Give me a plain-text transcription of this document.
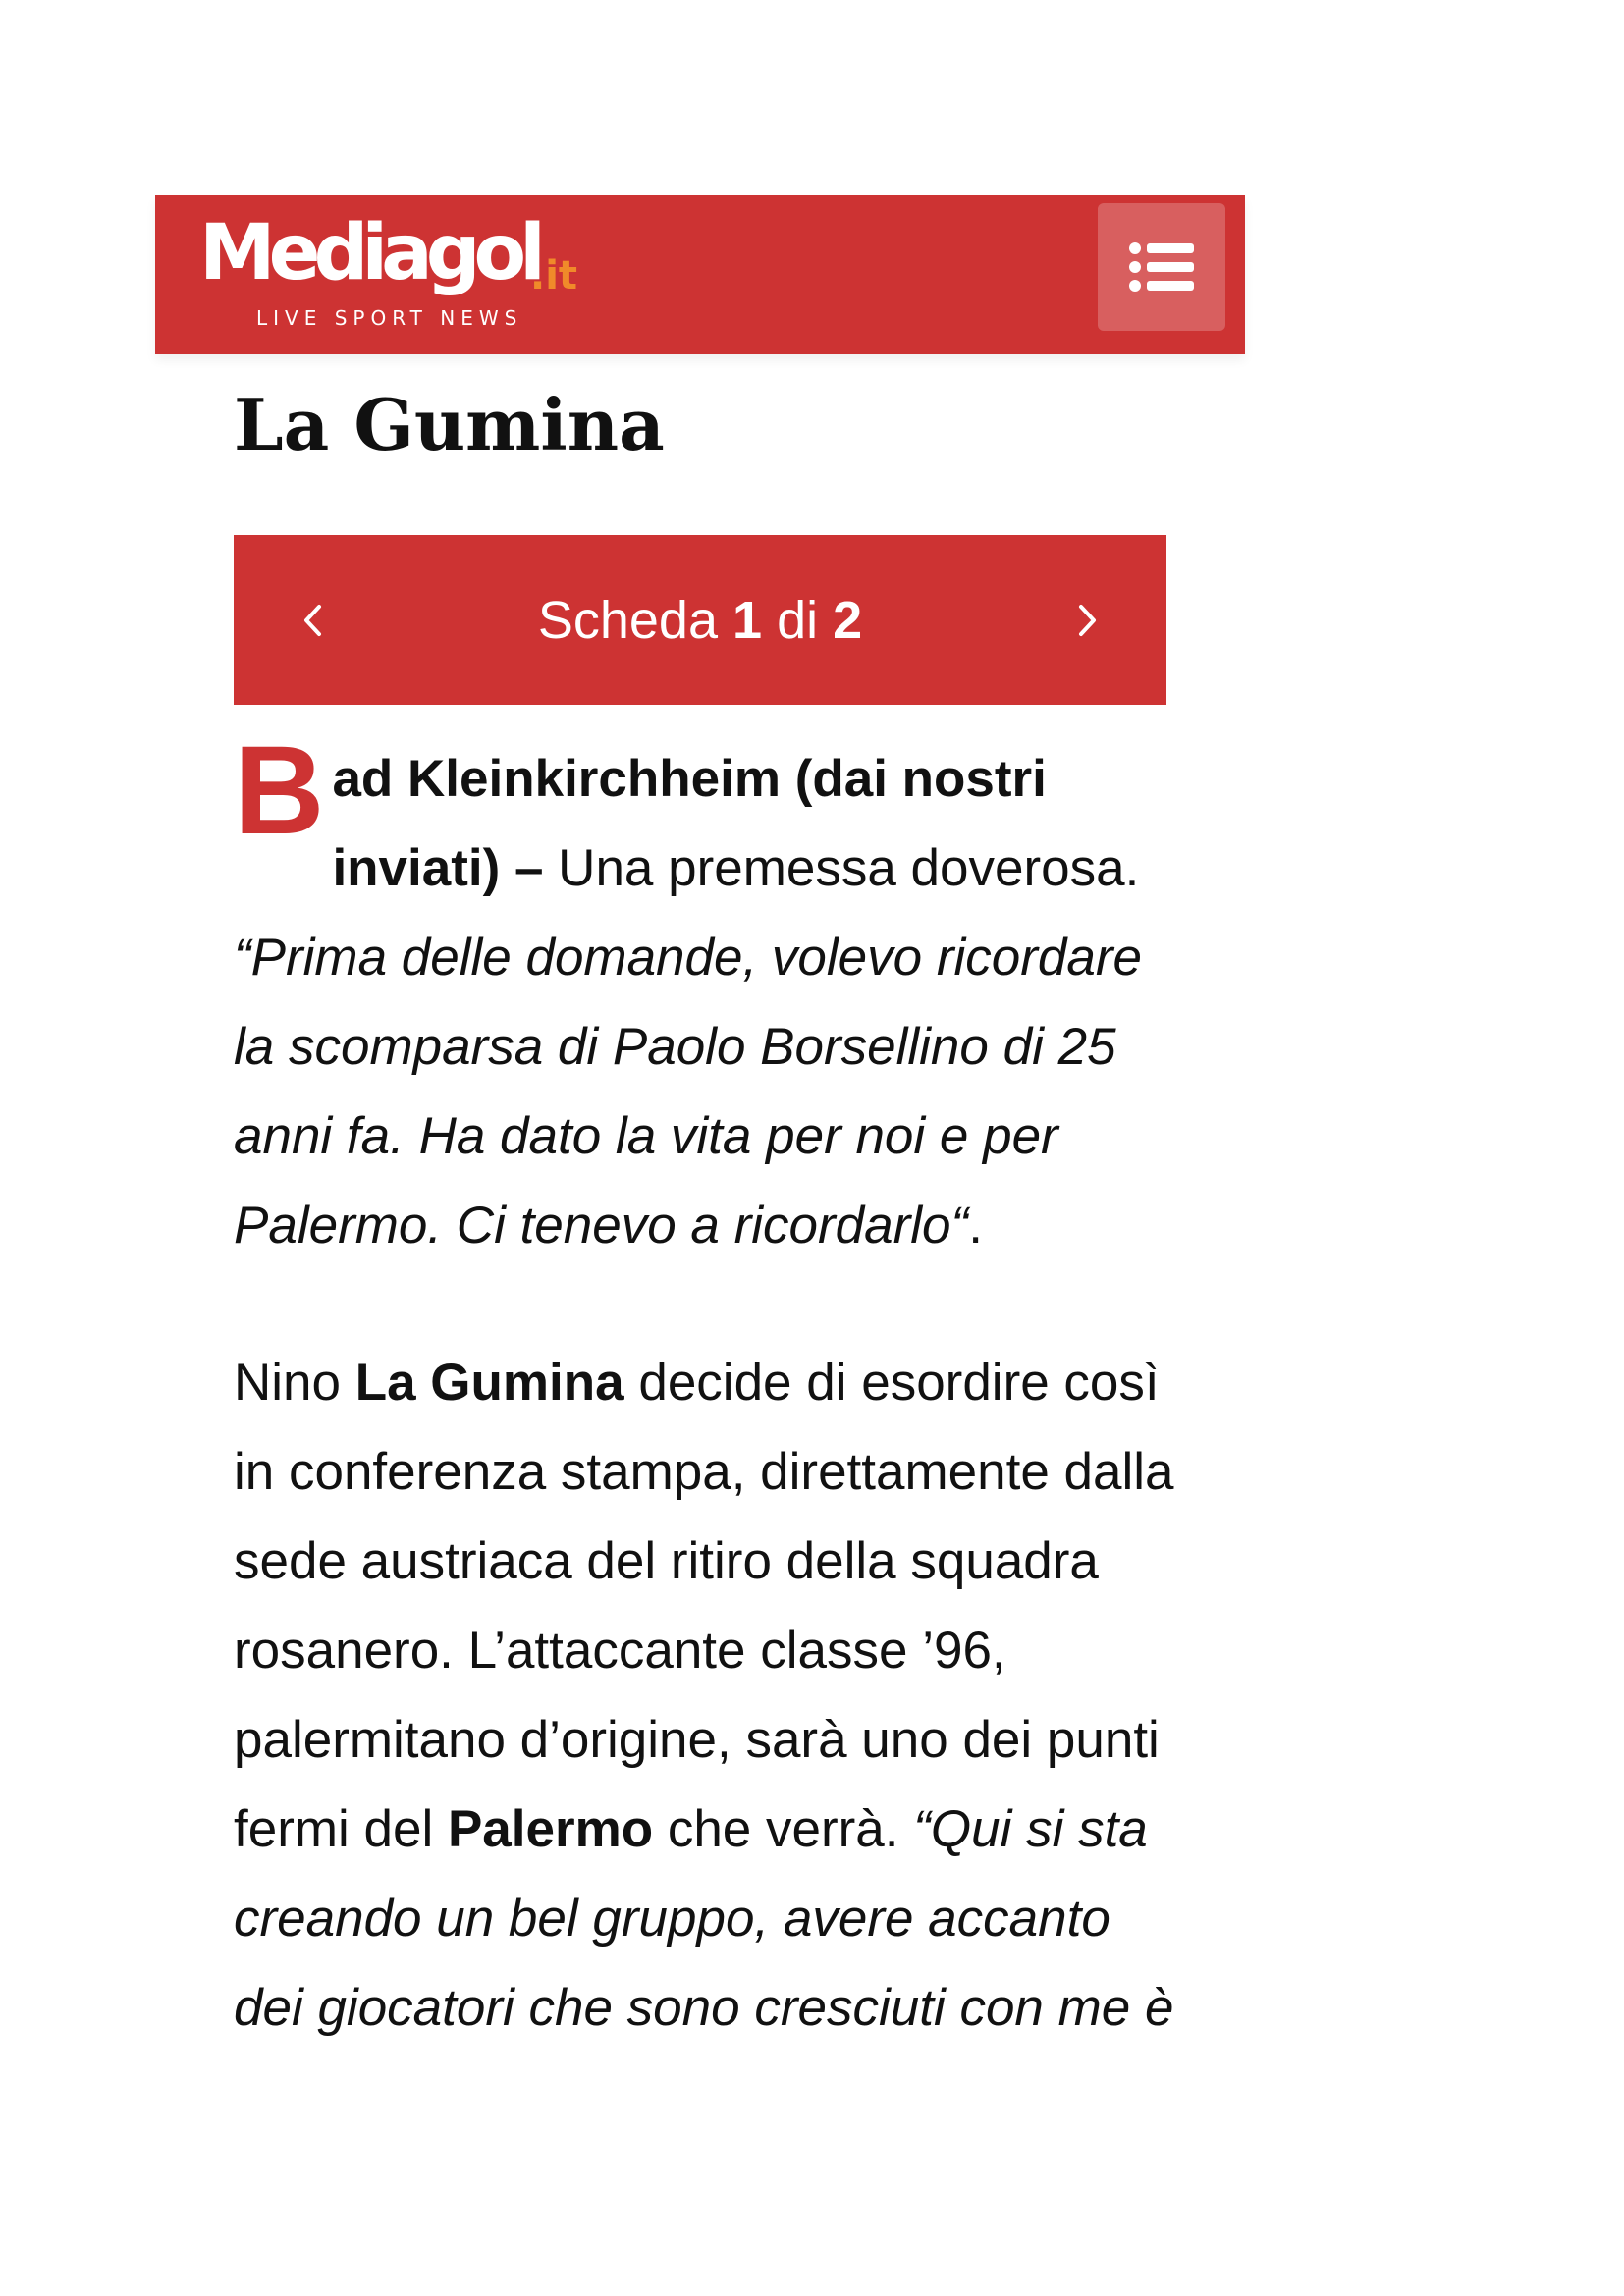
Mediagol
.it
LIVE SPORT NEWS
La Gumina
Scheda
1
di
2

Bad Kleinkirchheim (dai nostri inviati) – Una premessa doverosa. “Prima delle domande, volevo ricordare la scomparsa di Paolo Borsellino di 25 anni fa. Ha dato la vita per noi e per Palermo. Ci tenevo a ricordarlo“.

Nino La Gumina decide di esordire così in conferenza stampa, direttamente dalla sede austriaca del ritiro della squadra rosanero. L’attaccante classe ’96, palermitano d’origine, sarà uno dei punti fermi del Palermo che verrà. “Qui si sta creando un bel gruppo, avere accanto dei giocatori che sono cresciuti con me è
